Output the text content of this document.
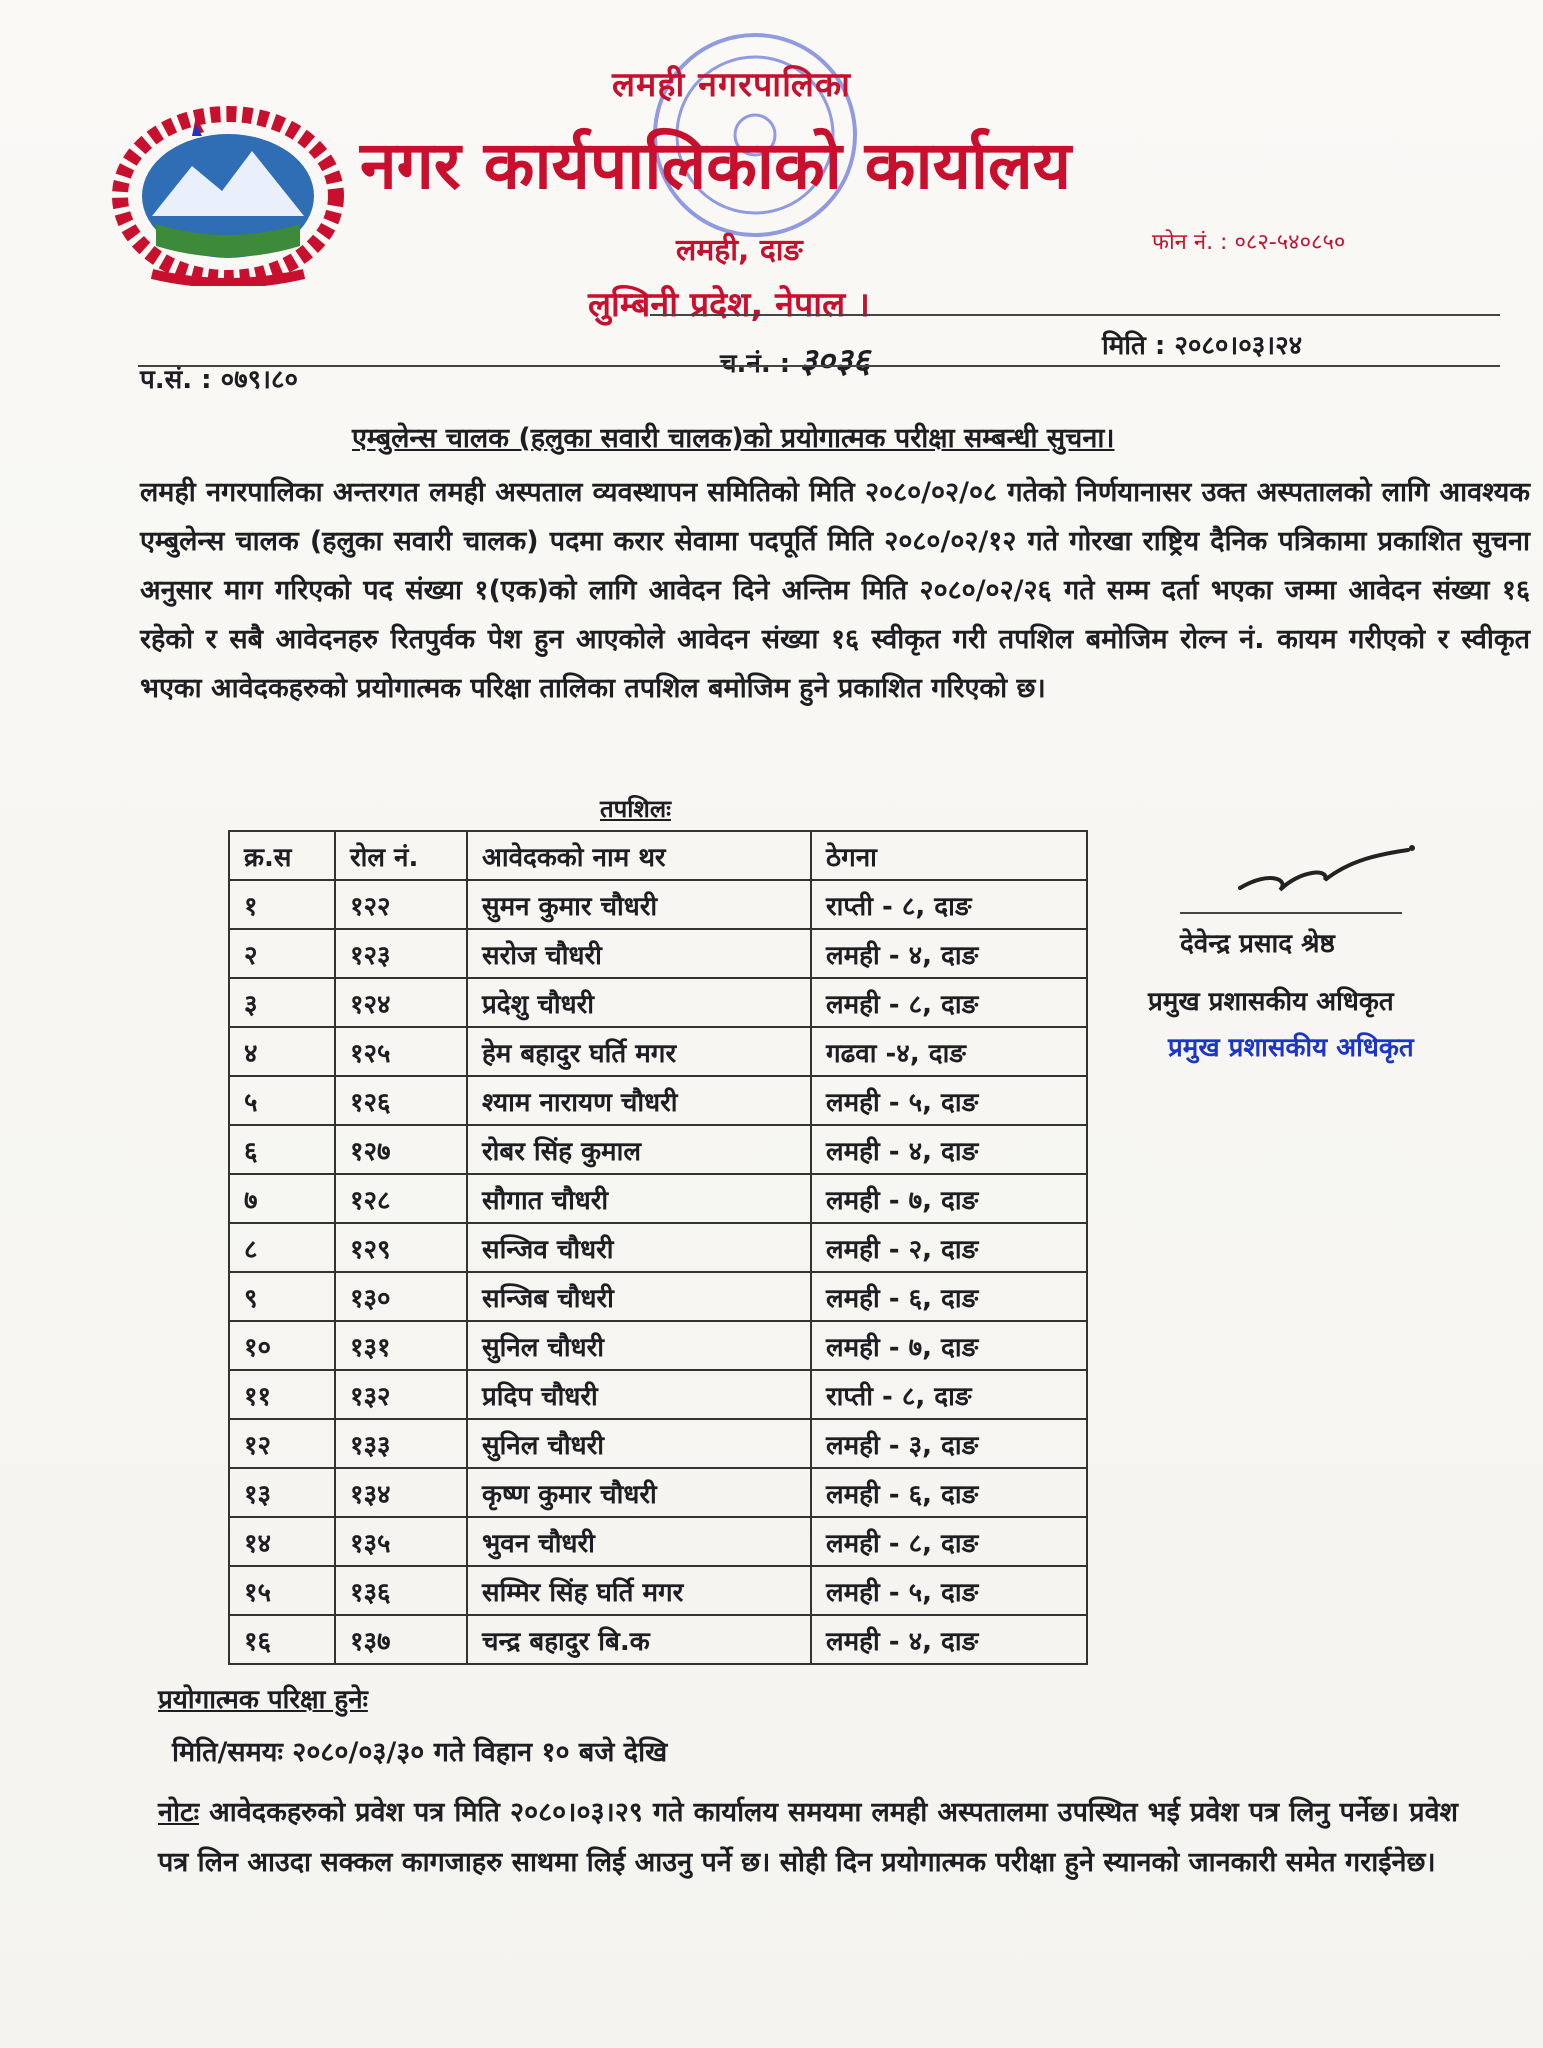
लमही नगरपालिका
नगर कार्यपालिकाको कार्यालय
लमही, दाङ	फोन नं. : ०८२-५४०८५०
लुम्बिनी प्रदेश, नेपाल ।
प.सं. : ०७९।८०
च.नं. : ३०३६	मिति : २०८०।०३।२४
एम्बुलेन्स चालक (हलुका सवारी चालक)को प्रयोगात्मक परीक्षा सम्बन्धी सुचना।
लमही नगरपालिका अन्तरगत लमही अस्पताल व्यवस्थापन समितिको मिति २०८०/०२/०८ गतेको निर्णयानासर उक्त अस्पतालको लागि आवश्यक एम्बुलेन्स चालक (हलुका सवारी चालक) पदमा करार सेवामा पदपूर्ति मिति २०८०/०२/१२ गते गोरखा राष्ट्रिय दैनिक पत्रिकामा प्रकाशित सुचना अनुसार माग गरिएको पद संख्या १(एक)को लागि आवेदन दिने अन्तिम मिति २०८०/०२/२६ गते सम्म दर्ता भएका जम्मा आवेदन संख्या १६ रहेको र सबै आवेदनहरु रितपुर्वक पेश हुन आएकोले आवेदन संख्या १६ स्वीकृत गरी तपशिल बमोजिम रोल्न नं. कायम गरीएको र स्वीकृत भएका आवेदकहरुको प्रयोगात्मक परिक्षा तालिका तपशिल बमोजिम हुने प्रकाशित गरिएको छ।
तपशिलः
क्र.स	रोल नं.	आवेदकको नाम थर	ठेगना
१	१२२	सुमन कुमार चौधरी	राप्ती - ८, दाङ
२	१२३	सरोज चौधरी	लमही - ४, दाङ
३	१२४	प्रदेशु चौधरी	लमही - ८, दाङ
४	१२५	हेम बहादुर घर्ति मगर	गढवा -४, दाङ
५	१२६	श्याम नारायण चौधरी	लमही - ५, दाङ
६	१२७	रोबर सिंह कुमाल	लमही - ४, दाङ
७	१२८	सौगात चौधरी	लमही - ७, दाङ
८	१२९	सन्जिव चौधरी	लमही - २, दाङ
९	१३०	सन्जिब चौधरी	लमही - ६, दाङ
१०	१३१	सुनिल चौधरी	लमही - ७, दाङ
११	१३२	प्रदिप चौधरी	राप्ती - ८, दाङ
१२	१३३	सुनिल चौधरी	लमही - ३, दाङ
१३	१३४	कृष्ण कुमार चौधरी	लमही - ६, दाङ
१४	१३५	भुवन चौधरी	लमही - ८, दाङ
१५	१३६	सम्मिर सिंह घर्ति मगर	लमही - ५, दाङ
१६	१३७	चन्द्र बहादुर बि.क	लमही - ४, दाङ
देवेन्द्र प्रसाद श्रेष्ठ
प्रमुख प्रशासकीय अधिकृत
प्रमुख प्रशासकीय अधिकृत
प्रयोगात्मक परिक्षा हुनेः
मिति/समयः २०८०/०३/३० गते विहान १० बजे देखि
नोटः आवेदकहरुको प्रवेश पत्र मिति २०८०।०३।२९ गते कार्यालय समयमा लमही अस्पतालमा उपस्थित भई प्रवेश पत्र लिनु पर्नेछ। प्रवेश पत्र लिन आउदा सक्कल कागजाहरु साथमा लिई आउनु पर्ने छ। सोही दिन प्रयोगात्मक परीक्षा हुने स्यानको जानकारी समेत गराईनेछ।
